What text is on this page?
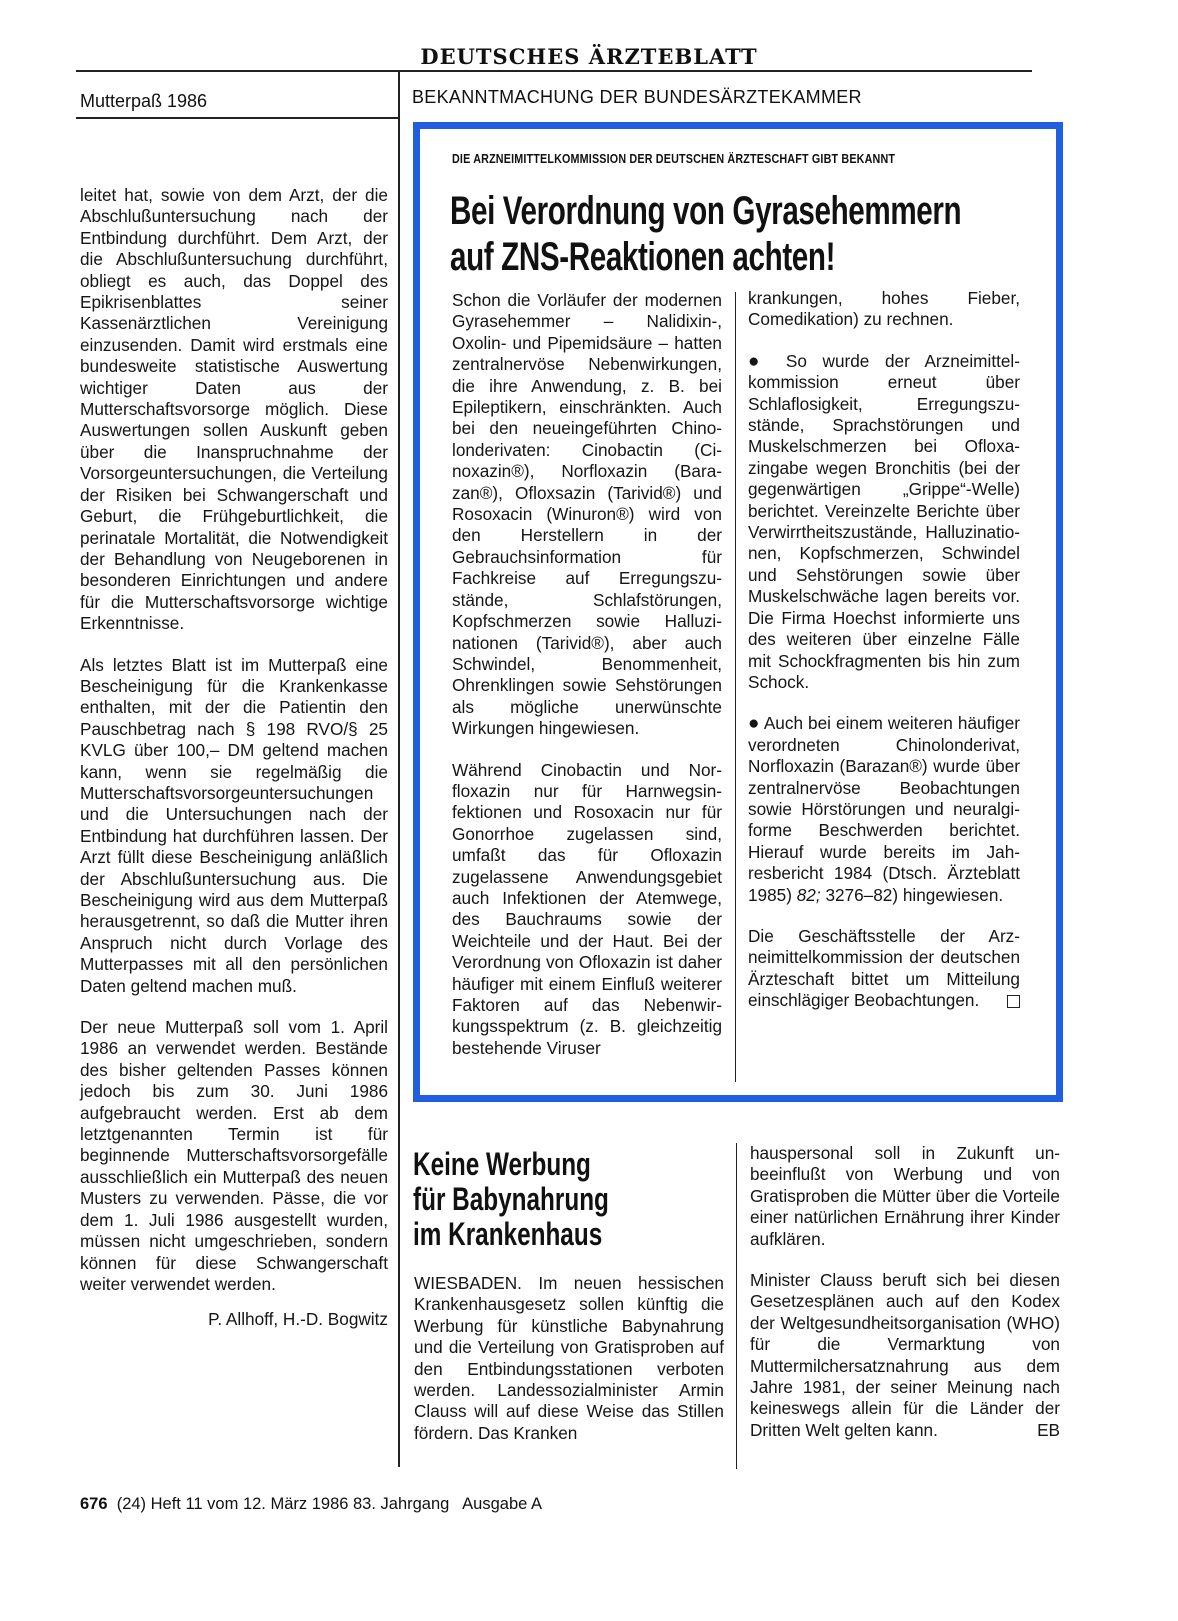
DEUTSCHES ÄRZTEBLATT
Mutterpaß 1986	BEKANNTMACHUNG DER BUNDESÄRZTEKAMMER

leitet hat, sowie von dem Arzt, der die Abschlußuntersuchung nach der Entbindung durchführt. Dem Arzt, der die Abschlußuntersuchung durchführt, obliegt es auch, das Doppel des Epikrisenblattes seiner Kassenärztlichen Vereinigung einzusenden. Damit wird erstmals eine bundesweite statistische Auswertung wichtiger Daten aus der Mutterschaftsvorsorge möglich. Diese Auswertungen sollen Auskunft geben über die Inanspruchnahme der Vorsorgeuntersuchungen, die Verteilung der Risiken bei Schwangerschaft und Geburt, die Frühgeburtlichkeit, die perinatale Mortalität, die Notwendigkeit der Behandlung von Neugeborenen in besonderen Einrichtungen und andere für die Mutterschaftsvorsorge wichtige Erkenntnisse.

Als letztes Blatt ist im Mutterpaß eine Bescheinigung für die Krankenkasse enthalten, mit der die Patientin den Pauschbetrag nach § 198 RVO/§ 25 KVLG über 100,– DM geltend machen kann, wenn sie regelmäßig die Mutterschaftsvorsorgeuntersuchungen und die Untersuchungen nach der Entbindung hat durchführen lassen. Der Arzt füllt diese Bescheinigung anläßlich der Abschlußuntersuchung aus. Die Bescheinigung wird aus dem Mutterpaß herausgetrennt, so daß die Mutter ihren Anspruch nicht durch Vorlage des Mutterpasses mit all den persönlichen Daten geltend machen muß.

Der neue Mutterpaß soll vom 1. April 1986 an verwendet werden. Bestände des bisher geltenden Passes können jedoch bis zum 30. Juni 1986 aufgebraucht werden. Erst ab dem letztgenannten Termin ist für beginnende Mutterschaftsvorsorgefälle ausschließlich ein Mutterpaß des neuen Musters zu verwenden. Pässe, die vor dem 1. Juli 1986 ausgestellt wurden, müssen nicht umgeschrieben, sondern können für diese Schwangerschaft weiter verwendet werden.

P. Allhoff, H.-D. Bogwitz

DIE ARZNEIMITTELKOMMISSION DER DEUTSCHEN ÄRZTESCHAFT GIBT BEKANNT
Bei Verordnung von Gyrasehemmern
auf ZNS-Reaktionen achten!

Schon die Vorläufer der modernen Gyrasehemmer – Nalidixin-, Oxolin- und Pipemidsäure – hatten zentralnervöse Nebenwirkungen, die ihre Anwendung, z. B. bei Epileptikern, einschränkten. Auch bei den neueingeführten Chinolonderivaten: Cinobactin (Cinoxazin®), Norfloxazin (Barazan®), Ofloxsazin (Tarivid®) und Rosoxacin (Winuron®) wird von den Herstellern in der Gebrauchsinformation für Fachkreise auf Erregungszustände, Schlafstörungen, Kopfschmerzen sowie Halluzinationen (Tarivid®), aber auch Schwindel, Benommenheit, Ohrenklingen sowie Sehstörungen als mögliche unerwünschte Wirkungen hingewiesen.

Während Cinobactin und Norfloxazin nur für Harnwegsinfektionen und Rosoxacin nur für Gonorrhoe zugelassen sind, umfaßt das für Ofloxazin zugelassene Anwendungsgebiet auch Infektionen der Atemwege, des Bauchraums sowie der Weichteile und der Haut. Bei der Verordnung von Ofloxazin ist daher häufiger mit einem Einfluß weiterer Faktoren auf das Nebenwirkungsspektrum (z. B. gleichzeitig bestehende Viruser

krankungen, hohes Fieber, Comedikation) zu rechnen.

● So wurde der Arzneimittelkommission erneut über Schlaflosigkeit, Erregungszustände, Sprachstörungen und Muskelschmerzen bei Ofloxazingabe wegen Bronchitis (bei der gegenwärtigen „Grippe“-Welle) berichtet. Vereinzelte Berichte über Verwirrtheitszustände, Halluzinationen, Kopfschmerzen, Schwindel und Sehstörungen sowie über Muskelschwäche lagen bereits vor. Die Firma Hoechst informierte uns des weiteren über einzelne Fälle mit Schockfragmenten bis hin zum Schock.

● Auch bei einem weiteren häufiger verordneten Chinolonderivat, Norfloxazin (Barazan®) wurde über zentralnervöse Beobachtungen sowie Hörstörungen und neuralgiforme Beschwerden berichtet. Hierauf wurde bereits im Jahresbericht 1984 (Dtsch. Ärzteblatt 1985) 82; 3276–82) hingewiesen.

Die Geschäftsstelle der Arzneimittelkommission der deutschen Ärzteschaft bittet um Mitteilung einschlägiger Beobachtungen.

Keine Werbung
für Babynahrung
im Krankenhaus

WIESBADEN. Im neuen hessischen Krankenhausgesetz sollen künftig die Werbung für künstliche Babynahrung und die Verteilung von Gratisproben auf den Entbindungsstationen verboten werden. Landessozialminister Armin Clauss will auf diese Weise das Stillen fördern. Das Kranken

hauspersonal soll in Zukunft unbeeinflußt von Werbung und von Gratisproben die Mütter über die Vorteile einer natürlichen Ernährung ihrer Kinder aufklären.

Minister Clauss beruft sich bei diesen Gesetzesplänen auch auf den Kodex der Weltgesundheitsorganisation (WHO) für die Vermarktung von Muttermilchersatznahrung aus dem Jahre 1981, der seiner Meinung nach keineswegs allein für die Länder der Dritten Welt gelten kann.	EB

676 (24) Heft 11 vom 12. März 1986 83. Jahrgang   Ausgabe A
